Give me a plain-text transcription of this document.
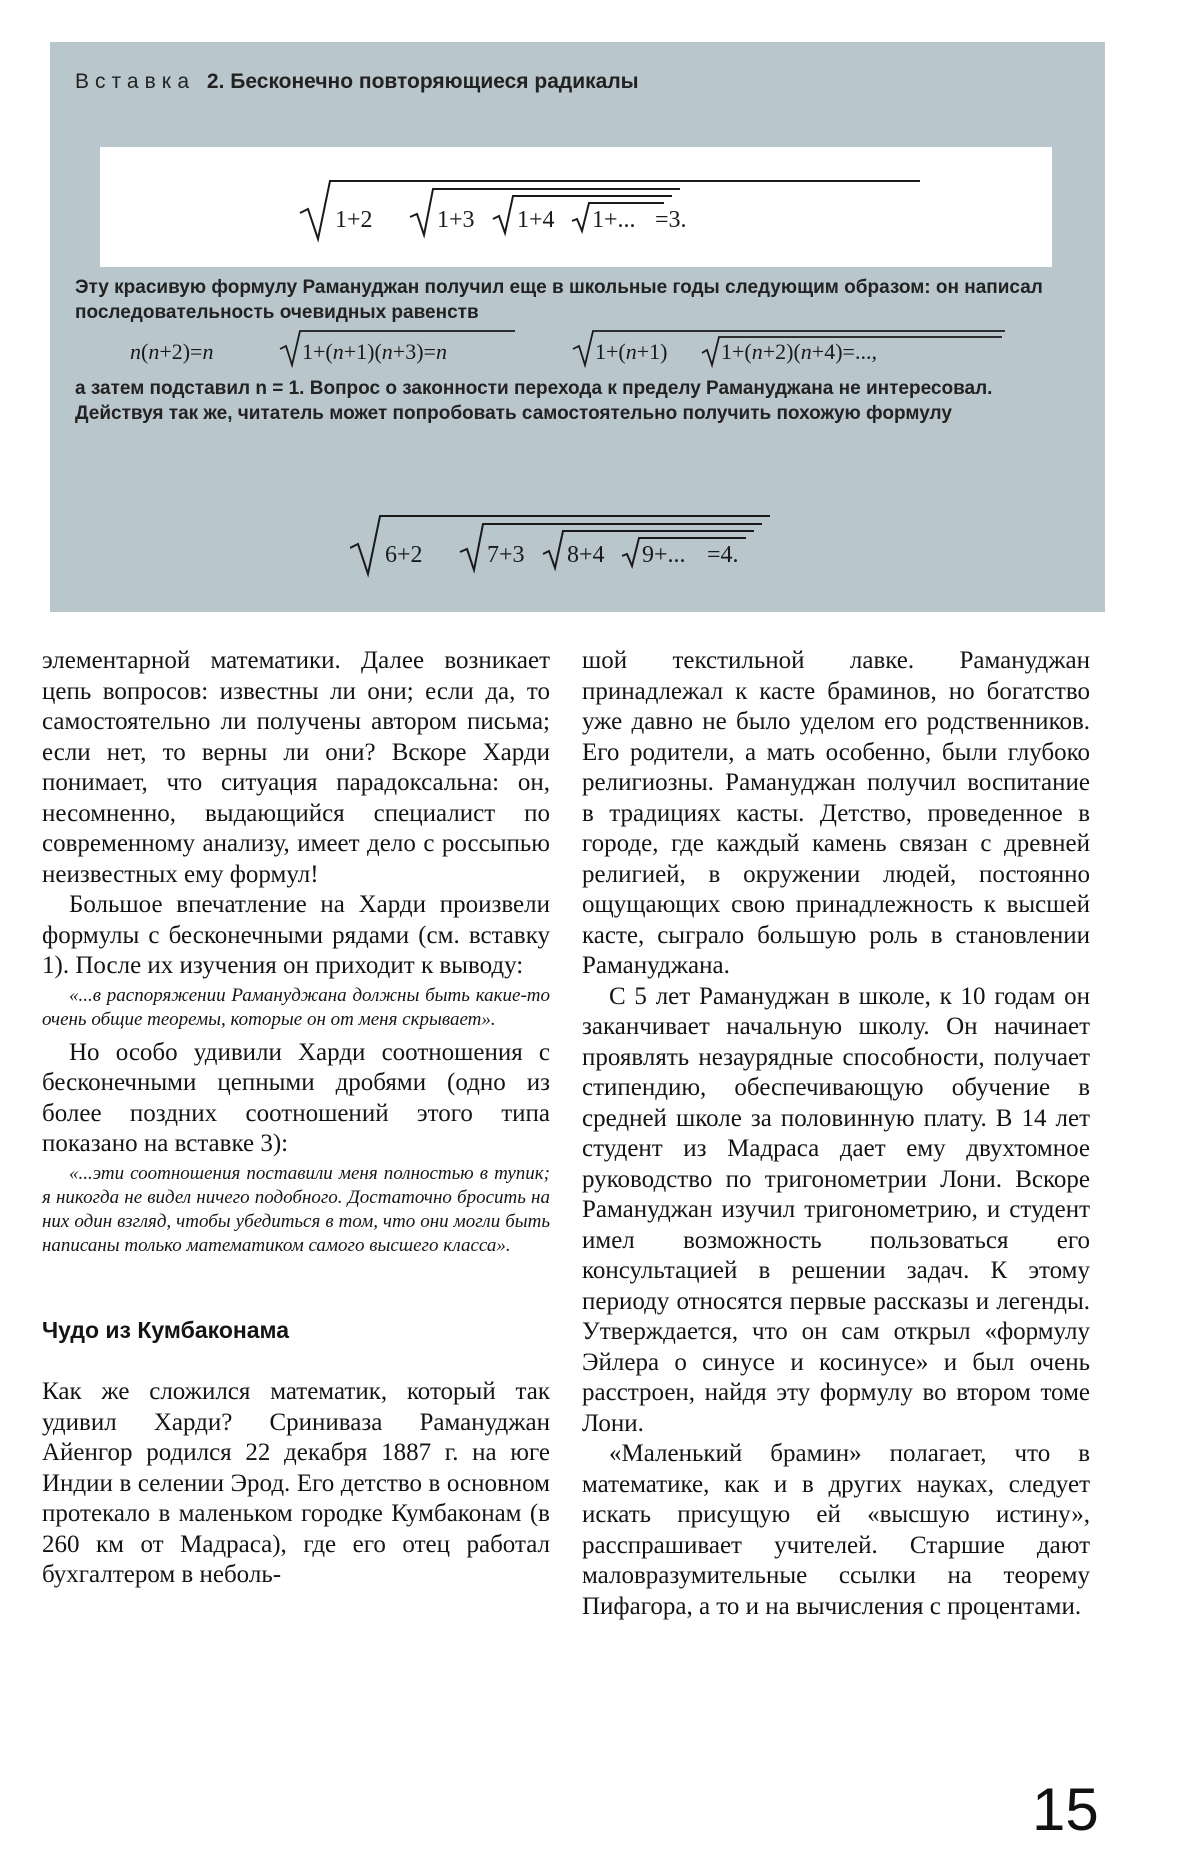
Вставка 2. Бесконечно повторяющиеся радикалы
1+2	1+3 1+4 1+... =3.
Эту красивую формулу Рамануджан получил еще в школьные годы следующим образом: он написал последовательность очевидных равенств
n(n+2)=n	1+(n+1)(n+3)=n	1+(n+1) 1+(n+2)(n+4)=...,
а затем подставил n = 1. Вопрос о законности перехода к пределу Рамануджана не интересовал. Действуя так же, читатель может попробовать самостоятельно получить похожую формулу
6+2	7+3 8+4 9+... =4.

элементарной математики. Далее возникает цепь вопросов: известны ли они; если да, то самостоятельно ли получены автором письма; если нет, то верны ли они? Вскоре Харди понимает, что ситуация парадоксальна: он, несомненно, выдающийся специалист по современному анализу, имеет дело с россыпью неизвестных ему формул!

Большое впечатление на Харди произвели формулы с бесконечными рядами (см. вставку 1). После их изучения он приходит к выводу:

«...в распоряжении Рамануджана должны быть какие-то очень общие теоремы, которые он от меня скрывает».

Но особо удивили Харди соотношения с бесконечными цепными дробями (одно из более поздних соотношений этого типа показано на вставке 3):

«...эти соотношения поставили меня полностью в тупик; я никогда не видел ничего подобного. Достаточно бросить на них один взгляд, чтобы убедиться в том, что они могли быть написаны только математиком самого высшего класса».

Чудо из Кумбаконама

Как же сложился математик, который так удивил Харди? Сриниваза Рамануджан Айенгор родился 22 декабря 1887 г. на юге Индии в селении Эрод. Его детство в основном протекало в маленьком городке Кумбаконам (в 260 км от Мадраса), где его отец работал бухгалтером в неболь-

шой текстильной лавке. Рамануджан принадлежал к касте браминов, но богатство уже давно не было уделом его родственников. Его родители, а мать особенно, были глубоко религиозны. Рамануджан получил воспитание в традициях касты. Детство, проведенное в городе, где каждый камень связан с древней религией, в окружении людей, постоянно ощущающих свою принадлежность к высшей касте, сыграло большую роль в становлении Рамануджана.

С 5 лет Рамануджан в школе, к 10 годам он заканчивает начальную школу. Он начинает проявлять незаурядные способности, получает стипендию, обеспечивающую обучение в средней школе за половинную плату. В 14 лет студент из Мадраса дает ему двухтомное руководство по тригонометрии Лони. Вскоре Рамануджан изучил тригонометрию, и студент имел возможность пользоваться его консультацией в решении задач. К этому периоду относятся первые рассказы и легенды. Утверждается, что он сам открыл «формулу Эйлера о синусе и косинусе» и был очень расстроен, найдя эту формулу во втором томе Лони.

«Маленький брамин» полагает, что в математике, как и в других науках, следует искать присущую ей «высшую истину», расспрашивает учителей. Старшие дают маловразумительные ссылки на теорему Пифагора, а то и на вычисления с процентами.

15
